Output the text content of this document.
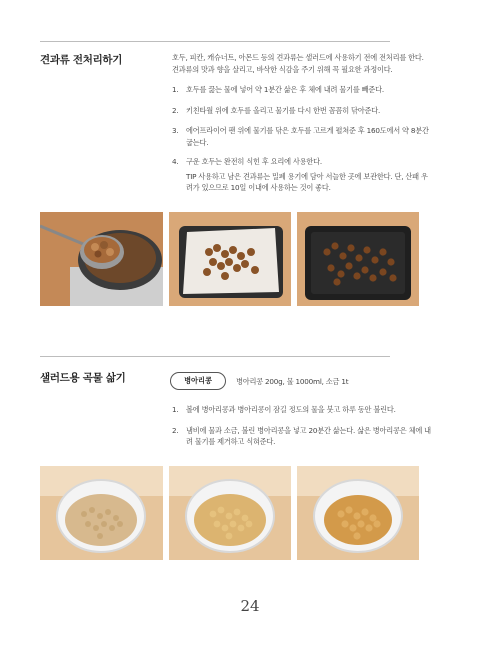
견과류 전처리하기	호두, 피칸, 캐슈너트, 아몬드 등의 견과류는 샐러드에 사용하기 전에 전처리를 한다. 견과류의 맛과 향을 살리고, 바삭한 식감을 주기 위해 꼭 필요한 과정이다.

1.	호두를 끓는 물에 넣어 약 1분간 삶은 후 체에 내려 물기를 빼준다.
2.	키친타월 위에 호두를 올리고 물기를 다시 한번 꼼꼼히 닦아준다.
3.	에어프라이어 팬 위에 물기를 닦은 호두를 고르게 펼쳐준 후 160도에서 약 8분간 굽는다.
4.	구운 호두는 완전히 식힌 후 요리에 사용한다.
TIP 사용하고 남은 견과류는 밀폐 용기에 담아 서늘한 곳에 보관한다. 단, 산패 우려가 있으므로 10일 이내에 사용하는 것이 좋다.
샐러드용 곡물 삶기	병아리콩	병아리콩 200g, 물 1000ml, 소금 1t
1.	볼에 병아리콩과 병아리콩이 잠길 정도의 물을 붓고 하루 동안 불린다.
2.	냄비에 물과 소금, 불린 병아리콩을 넣고 20분간 삶는다. 삶은 병아리콩은 체에 내려 물기를 제거하고 식혀준다.
24
